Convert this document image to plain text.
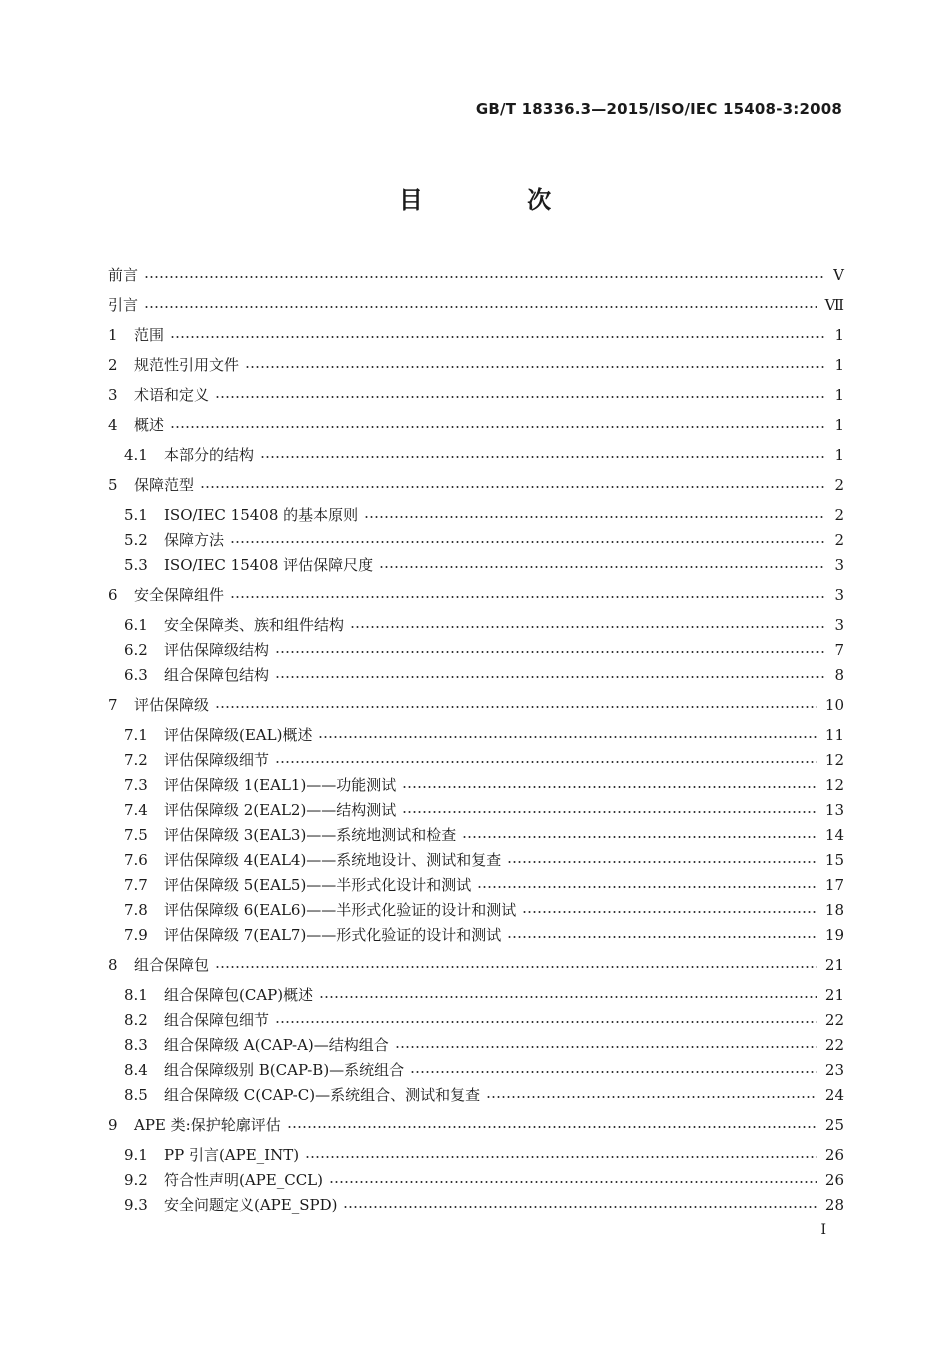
GB/T 18336.3—2015/ISO/IEC 15408-3:2008
目 次
前言	Ⅴ
引言	Ⅶ
1	范围	1
2	规范性引用文件	1
3	术语和定义	1
4	概述	1
4.1	本部分的结构	1
5	保障范型	2
5.1	ISO/IEC 15408 的基本原则	2
5.2	保障方法	2
5.3	ISO/IEC 15408 评估保障尺度	3
6	安全保障组件	3
6.1	安全保障类、族和组件结构	3
6.2	评估保障级结构	7
6.3	组合保障包结构	8
7	评估保障级	10
7.1	评估保障级(EAL)概述	11
7.2	评估保障级细节	12
7.3	评估保障级 1(EAL1)——功能测试	12
7.4	评估保障级 2(EAL2)——结构测试	13
7.5	评估保障级 3(EAL3)——系统地测试和检查	14
7.6	评估保障级 4(EAL4)——系统地设计、测试和复查	15
7.7	评估保障级 5(EAL5)——半形式化设计和测试	17
7.8	评估保障级 6(EAL6)——半形式化验证的设计和测试	18
7.9	评估保障级 7(EAL7)——形式化验证的设计和测试	19
8	组合保障包	21
8.1	组合保障包(CAP)概述	21
8.2	组合保障包细节	22
8.3	组合保障级 A(CAP-A)—结构组合	22
8.4	组合保障级别 B(CAP-B)—系统组合	23
8.5	组合保障级 C(CAP-C)—系统组合、测试和复查	24
9	APE 类:保护轮廓评估	25
9.1	PP 引言(APE_INT)	26
9.2	符合性声明(APE_CCL)	26
9.3	安全问题定义(APE_SPD)	28
I
